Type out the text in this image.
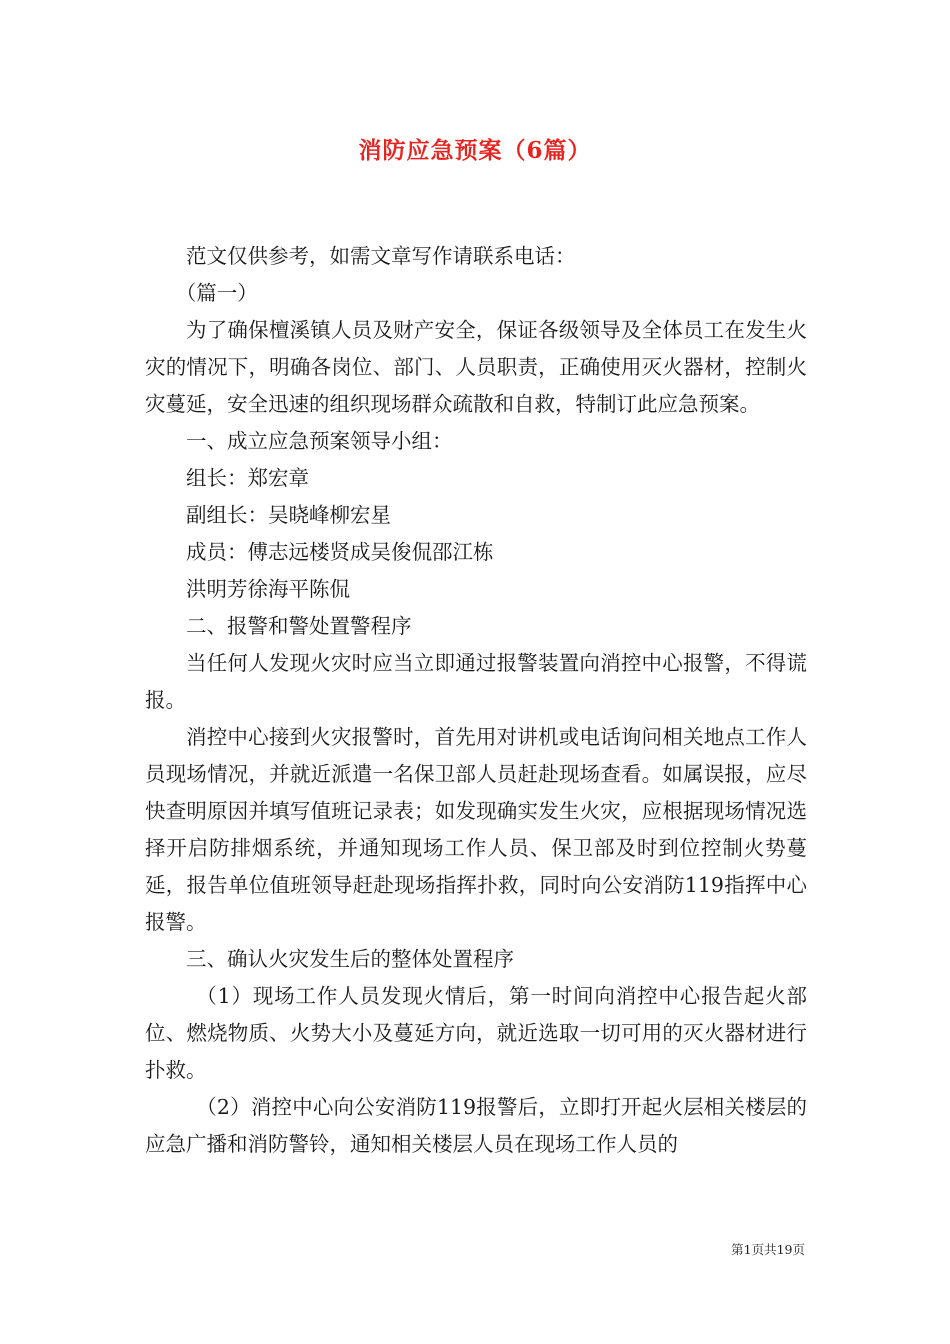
消防应急预案（6篇）

范文仅供参考，如需文章写作请联系电话：

（篇一）

为了确保檀溪镇人员及财产安全，保证各级领导及全体员工在发生火灾的情况下，明确各岗位、部门、人员职责，正确使用灭火器材，控制火灾蔓延，安全迅速的组织现场群众疏散和自救，特制订此应急预案。

一、成立应急预案领导小组：

组长：郑宏章

副组长：吴晓峰柳宏星

成员：傅志远楼贤成吴俊侃邵江栋

洪明芳徐海平陈侃

二、报警和警处置警程序

当任何人发现火灾时应当立即通过报警装置向消控中心报警，不得谎报。

消控中心接到火灾报警时，首先用对讲机或电话询问相关地点工作人员现场情况，并就近派遣一名保卫部人员赶赴现场查看。如属误报，应尽快查明原因并填写值班记录表；如发现确实发生火灾，应根据现场情况选择开启防排烟系统，并通知现场工作人员、保卫部及时到位控制火势蔓延，报告单位值班领导赶赴现场指挥扑救，同时向公安消防119指挥中心报警。

三、确认火灾发生后的整体处置程序

（1）现场工作人员发现火情后，第一时间向消控中心报告起火部位、燃烧物质、火势大小及蔓延方向，就近选取一切可用的灭火器材进行扑救。

（2）消控中心向公安消防119报警后，立即打开起火层相关楼层的应急广播和消防警铃，通知相关楼层人员在现场工作人员的

第1页共19页
